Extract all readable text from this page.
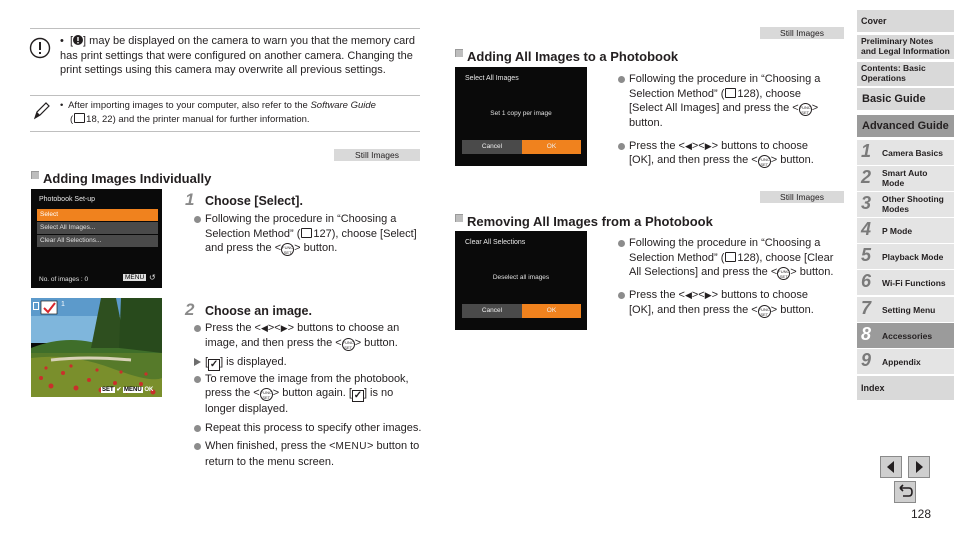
• [ ] may be displayed on the camera to warn you that the memory card has print settings that were configured on another camera. Changing the print settings using this camera may overwrite all previous settings.
• After importing images to your computer, also refer to the Software Guide
( 18, 22) and the printer manual for further information.
Still Images
Adding Images Individually
Photobook Set-up
Select
Select All Images...
Clear All Selections...
No. of images : 0	MENU ↺
1
SET ✔ MENU OK
1 Choose [Select].
Following the procedure in “Choosing a Selection Method” ( 127), choose [Select] and press the <FUNC
SET > button.
2 Choose an image.
Press the <◀><▶> buttons to choose an image, and then press the <FUNC
SET > button.
[ ✓ ] is displayed.
To remove the image from the photobook, press the <FUNC
SET > button again. [ ✓ ] is no longer displayed.
Repeat this process to specify other images.
When finished, press the <MENU> button to return to the menu screen.
Still Images
Adding All Images to a Photobook
Select All Images
Set 1 copy per image
Cancel	OK
Following the procedure in “Choosing a Selection Method” ( 128), choose [Select All Images] and press the <FUNC
SET > button.
Press the <◀><▶> buttons to choose [OK], and then press the <FUNC
SET > button.
Still Images
Removing All Images from a Photobook
Clear All Selections
Deselect all images
Cancel	OK
Following the procedure in “Choosing a Selection Method” ( 128), choose [Clear All Selections] and press the <FUNC
SET > button.
Press the <◀><▶> buttons to choose [OK], and then press the <FUNC
SET > button.
Cover
Preliminary Notes and Legal Information
Contents: Basic Operations
Basic Guide
Advanced Guide
1 Camera Basics
2 Smart Auto Mode
3 Other Shooting Modes
4 P Mode
5 Playback Mode
6 Wi-Fi Functions
7 Setting Menu
8 Accessories
9 Appendix
Index
128
